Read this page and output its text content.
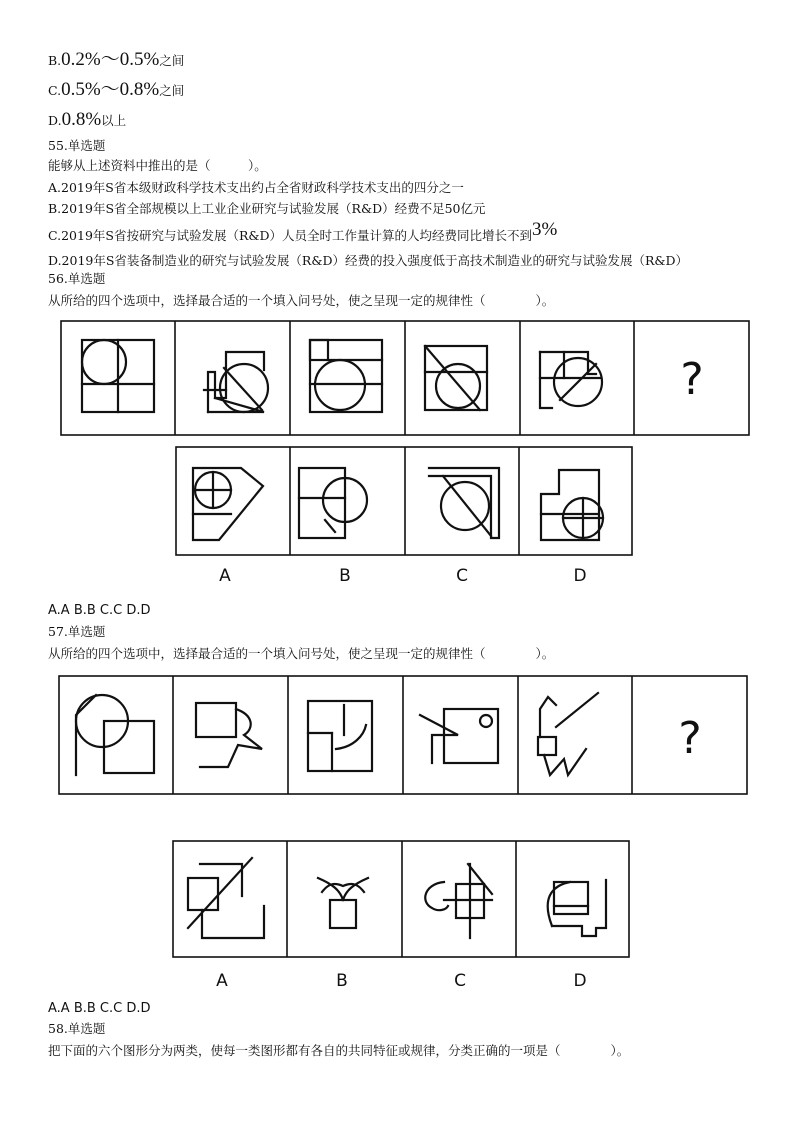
B.0.2%～0.5%之间
C.0.5%～0.8%之间
D.0.8%以上
55.单选题
能够从上述资料中推出的是（　　　）。
A.2019年S省本级财政科学技术支出约占全省财政科学技术支出的四分之一
B.2019年S省全部规模以上工业企业研究与试验发展（R&D）经费不足50亿元
C.2019年S省按研究与试验发展（R&D）人员全时工作量计算的人均经费同比增长不到3%
D.2019年S省装备制造业的研究与试验发展（R&D）经费的投入强度低于高技术制造业的研究与试验发展（R&D）
56.单选题
从所给的四个选项中，选择最合适的一个填入问号处，使之呈现一定的规律性（　　　　）。
?
A	B	C	D
A.A B.B C.C D.D
57.单选题
从所给的四个选项中，选择最合适的一个填入问号处，使之呈现一定的规律性（　　　　）。
?
A	B	C	D
A.A B.B C.C D.D
58.单选题
把下面的六个图形分为两类，使每一类图形都有各自的共同特征或规律，分类正确的一项是（　　　　）。
